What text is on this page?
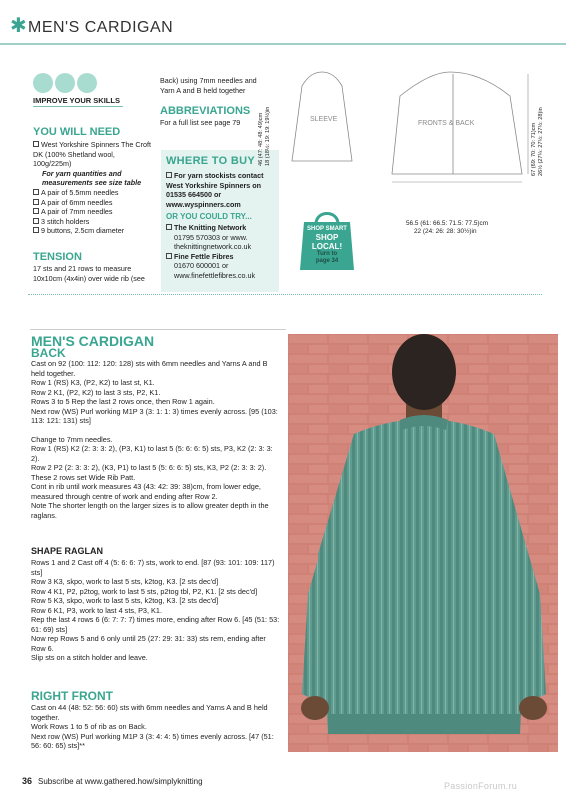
✱ MEN'S CARDIGAN
IMPROVE YOUR SKILLS
YOU WILL NEED
West Yorkshire Spinners The Croft DK (100% Shetland wool, 100g/225m)
For yarn quantities and measurements see size table
A pair of 5.5mm needles
A pair of 6mm needles
A pair of 7mm needles
3 stitch holders
9 buttons, 2.5cm diameter
TENSION
17 sts and 21 rows to measure 10x10cm (4x4in) over wide rib (see
Back) using 7mm needles and Yarn A and B held together
ABBREVIATIONS
For a full list see page 79
WHERE TO BUY
For yarn stockists contact West Yorkshire Spinners on 01535 664500 or www.wyspinners.com
OR YOU COULD TRY...
The Knitting Network
01795 570303 or www. theknittingnetwork.co.uk
Fine Fettle Fibres
01670 600001 or www.finefettlefibres.co.uk
SHOP SMART
SHOP
LOCAL!
Turn to
page 34
SLEEVE
FRONTS & BACK
46 (47: 48: 48: 49)cm 18 (18½: 19: 19: 19½)in	67 (69: 70: 70: 71)cm 26½ (27¼: 27½: 27½: 28)in
56.5 (61: 66.5: 71.5: 77.5)cm
22 (24: 26: 28: 30½)in
MEN'S CARDIGAN
BACK
Cast on 92 (100: 112: 120: 128) sts with 6mm needles and Yarns A and B held together.
Row 1 (RS) K3, (P2, K2) to last st, K1.
Row 2 K1, (P2, K2) to last 3 sts, P2, K1.
Rows 3 to 5 Rep the last 2 rows once, then Row 1 again.
Next row (WS) Purl working M1P 3 (3: 1: 1: 3) times evenly across. [95 (103: 113: 121: 131) sts]
Change to 7mm needles.
Row 1 (RS) K2 (2: 3: 3: 2), (P3, K1) to last 5 (5: 6: 6: 5) sts, P3, K2 (2: 3: 3: 2).
Row 2 P2 (2: 3: 3: 2), (K3, P1) to last 5 (5: 6: 6: 5) sts, K3, P2 (2: 3: 3: 2).
These 2 rows set Wide Rib Patt.
Cont in rib until work measures 43 (43: 42: 39: 38)cm, from lower edge, measured through centre of work and ending after Row 2.
Note The shorter length on the larger sizes is to allow greater depth in the raglans.
SHAPE RAGLAN
Rows 1 and 2 Cast off 4 (5: 6: 6: 7) sts, work to end. [87 (93: 101: 109: 117) sts]
Row 3 K3, skpo, work to last 5 sts, k2tog, K3. [2 sts dec'd]
Row 4 K1, P2, p2tog, work to last 5 sts, p2tog tbl, P2, K1. [2 sts dec'd]
Row 5 K3, skpo, work to last 5 sts, k2tog, K3. [2 sts dec'd]
Row 6 K1, P3, work to last 4 sts, P3, K1.
Rep the last 4 rows 6 (6: 7: 7: 7) times more, ending after Row 6. [45 (51: 53: 61: 69) sts]
Now rep Rows 5 and 6 only until 25 (27: 29: 31: 33) sts rem, ending after Row 6.
Slip sts on a stitch holder and leave.
RIGHT FRONT
Cast on 44 (48: 52: 56: 60) sts with 6mm needles and Yarns A and B held together.
Work Rows 1 to 5 of rib as on Back.
Next row (WS) Purl working M1P 3 (3: 4: 4: 5) times evenly across. [47 (51: 56: 60: 65) sts]**
36 Subscribe at www.gathered.how/simplyknitting	PassionForum.ru
